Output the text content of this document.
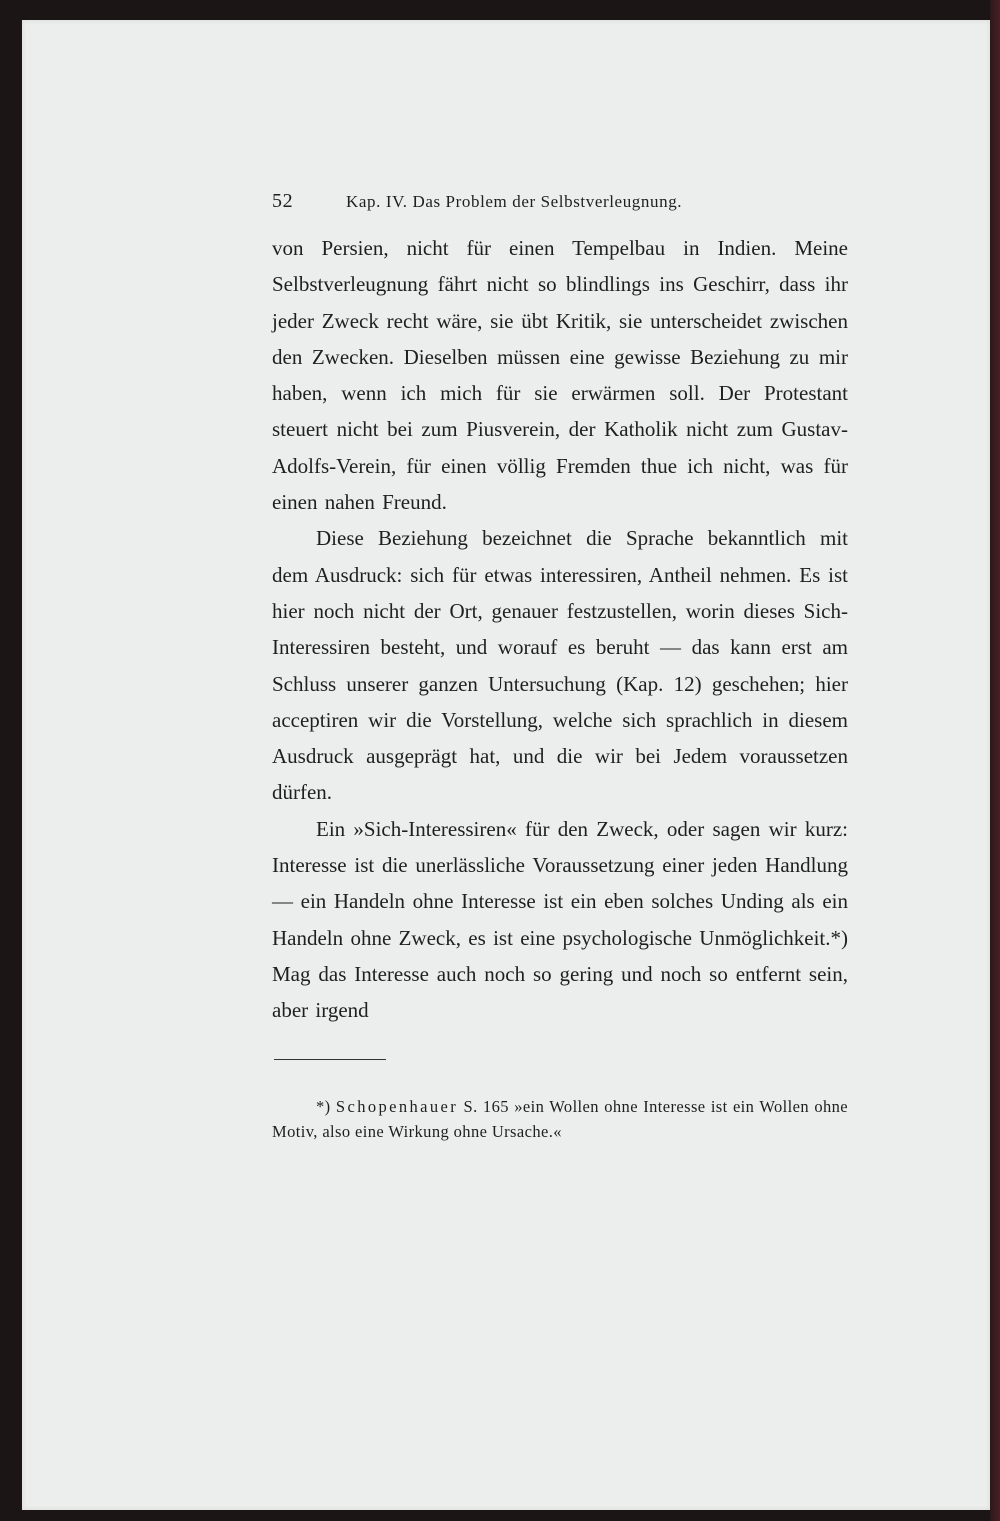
52	Kap. IV. Das Problem der Selbstverleugnung.

von Persien, nicht für einen Tempelbau in Indien. Meine Selbstverleugnung fährt nicht so blindlings ins Geschirr, dass ihr jeder Zweck recht wäre, sie übt Kritik, sie unterscheidet zwischen den Zwecken. Dieselben müssen eine gewisse Beziehung zu mir haben, wenn ich mich für sie erwärmen soll. Der Protestant steuert nicht bei zum Piusverein, der Katholik nicht zum Gustav-Adolfs-Verein, für einen völlig Fremden thue ich nicht, was für einen nahen Freund.

Diese Beziehung bezeichnet die Sprache bekanntlich mit dem Ausdruck: sich für etwas interessiren, Antheil nehmen. Es ist hier noch nicht der Ort, genauer festzustellen, worin dieses Sich-Interessiren besteht, und worauf es beruht — das kann erst am Schluss unserer ganzen Untersuchung (Kap. 12) geschehen; hier acceptiren wir die Vorstellung, welche sich sprachlich in diesem Ausdruck ausgeprägt hat, und die wir bei Jedem voraussetzen dürfen.

Ein »Sich-Interessiren« für den Zweck, oder sagen wir kurz: Interesse ist die unerlässliche Voraussetzung einer jeden Handlung — ein Handeln ohne Interesse ist ein eben solches Unding als ein Handeln ohne Zweck, es ist eine psychologische Unmöglichkeit.*) Mag das Interesse auch noch so gering und noch so entfernt sein, aber irgend

*) Schopenhauer S. 165 »ein Wollen ohne Interesse ist ein Wollen ohne Motiv, also eine Wirkung ohne Ursache.«
